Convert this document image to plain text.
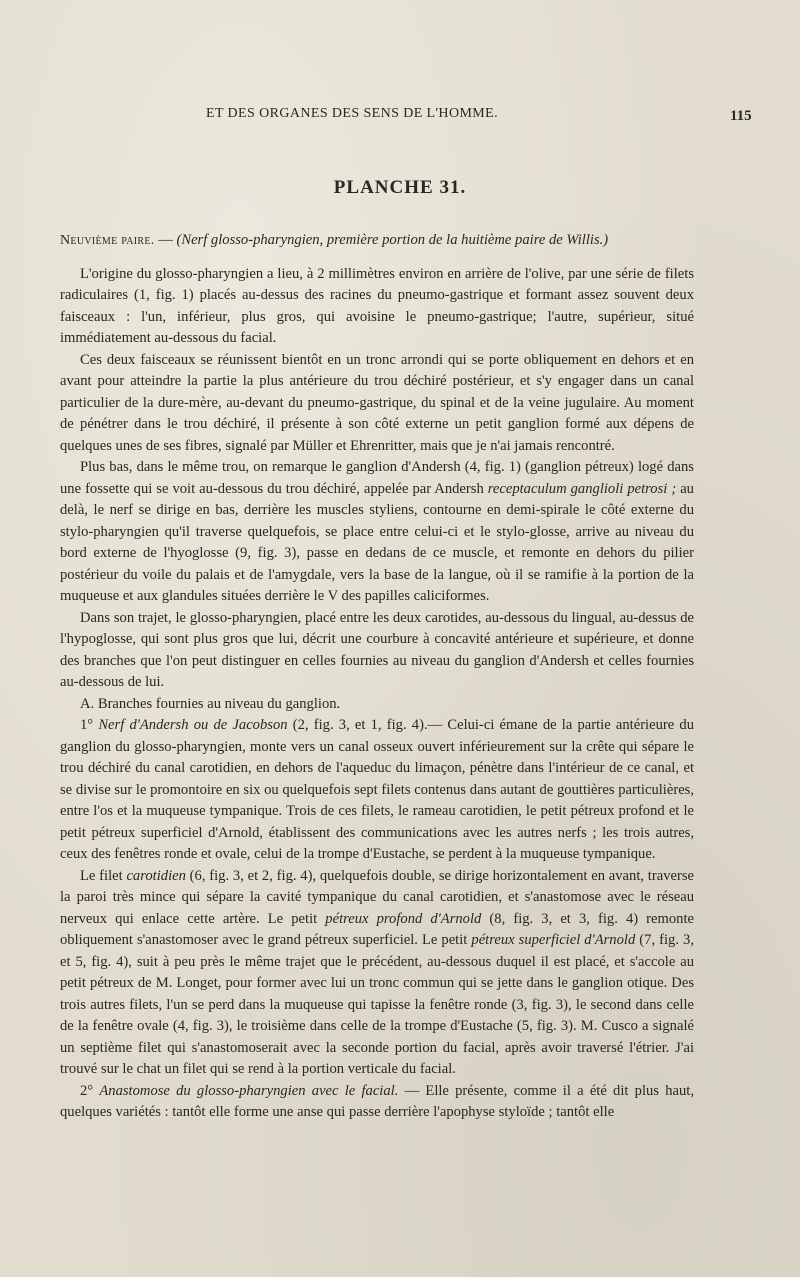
ET DES ORGANES DES SENS DE L'HOMME.	115
PLANCHE 31.

Neuvième paire. — (Nerf glosso-pharyngien, première portion de la huitième paire de Willis.)

L'origine du glosso-pharyngien a lieu, à 2 millimètres environ en arrière de l'olive, par une série de filets radiculaires (1, fig. 1) placés au-dessus des racines du pneumo-gastrique et formant assez souvent deux faisceaux : l'un, inférieur, plus gros, qui avoisine le pneumo-gastrique; l'autre, supérieur, situé immédiatement au-dessous du facial.

Ces deux faisceaux se réunissent bientôt en un tronc arrondi qui se porte obliquement en dehors et en avant pour atteindre la partie la plus antérieure du trou déchiré postérieur, et s'y engager dans un canal particulier de la dure-mère, au-devant du pneumo-gastrique, du spinal et de la veine jugulaire. Au moment de pénétrer dans le trou déchiré, il présente à son côté externe un petit ganglion formé aux dépens de quelques unes de ses fibres, signalé par Müller et Ehrenritter, mais que je n'ai jamais rencontré.

Plus bas, dans le même trou, on remarque le ganglion d'Andersh (4, fig. 1) (ganglion pétreux) logé dans une fossette qui se voit au-dessous du trou déchiré, appelée par Andersh receptaculum ganglioli petrosi ; au delà, le nerf se dirige en bas, derrière les muscles styliens, contourne en demi-spirale le côté externe du stylo-pharyngien qu'il traverse quelquefois, se place entre celui-ci et le stylo-glosse, arrive au niveau du bord externe de l'hyoglosse (9, fig. 3), passe en dedans de ce muscle, et remonte en dehors du pilier postérieur du voile du palais et de l'amygdale, vers la base de la langue, où il se ramifie à la portion de la muqueuse et aux glandules situées derrière le V des papilles caliciformes.

Dans son trajet, le glosso-pharyngien, placé entre les deux carotides, au-dessous du lingual, au-dessus de l'hypoglosse, qui sont plus gros que lui, décrit une courbure à concavité antérieure et supérieure, et donne des branches que l'on peut distinguer en celles fournies au niveau du ganglion d'Andersh et celles fournies au-dessous de lui.

A. Branches fournies au niveau du ganglion.

1° Nerf d'Andersh ou de Jacobson (2, fig. 3, et 1, fig. 4).— Celui-ci émane de la partie antérieure du ganglion du glosso-pharyngien, monte vers un canal osseux ouvert inférieurement sur la crête qui sépare le trou déchiré du canal carotidien, en dehors de l'aqueduc du limaçon, pénètre dans l'intérieur de ce canal, et se divise sur le promontoire en six ou quelquefois sept filets contenus dans autant de gouttières particulières, entre l'os et la muqueuse tympanique. Trois de ces filets, le rameau carotidien, le petit pétreux profond et le petit pétreux superficiel d'Arnold, établissent des communications avec les autres nerfs ; les trois autres, ceux des fenêtres ronde et ovale, celui de la trompe d'Eustache, se perdent à la muqueuse tympanique.

Le filet carotidien (6, fig. 3, et 2, fig. 4), quelquefois double, se dirige horizontalement en avant, traverse la paroi très mince qui sépare la cavité tympanique du canal carotidien, et s'anastomose avec le réseau nerveux qui enlace cette artère. Le petit pétreux profond d'Arnold (8, fig. 3, et 3, fig. 4) remonte obliquement s'anastomoser avec le grand pétreux superficiel. Le petit pétreux superficiel d'Arnold (7, fig. 3, et 5, fig. 4), suit à peu près le même trajet que le précédent, au-dessous duquel il est placé, et s'accole au petit pétreux de M. Longet, pour former avec lui un tronc commun qui se jette dans le ganglion otique. Des trois autres filets, l'un se perd dans la muqueuse qui tapisse la fenêtre ronde (3, fig. 3), le second dans celle de la fenêtre ovale (4, fig. 3), le troisième dans celle de la trompe d'Eustache (5, fig. 3). M. Cusco a signalé un septième filet qui s'anastomoserait avec la seconde portion du facial, après avoir traversé l'étrier. J'ai trouvé sur le chat un filet qui se rend à la portion verticale du facial.

2° Anastomose du glosso-pharyngien avec le facial. — Elle présente, comme il a été dit plus haut, quelques variétés : tantôt elle forme une anse qui passe derrière l'apophyse styloïde ; tantôt elle
